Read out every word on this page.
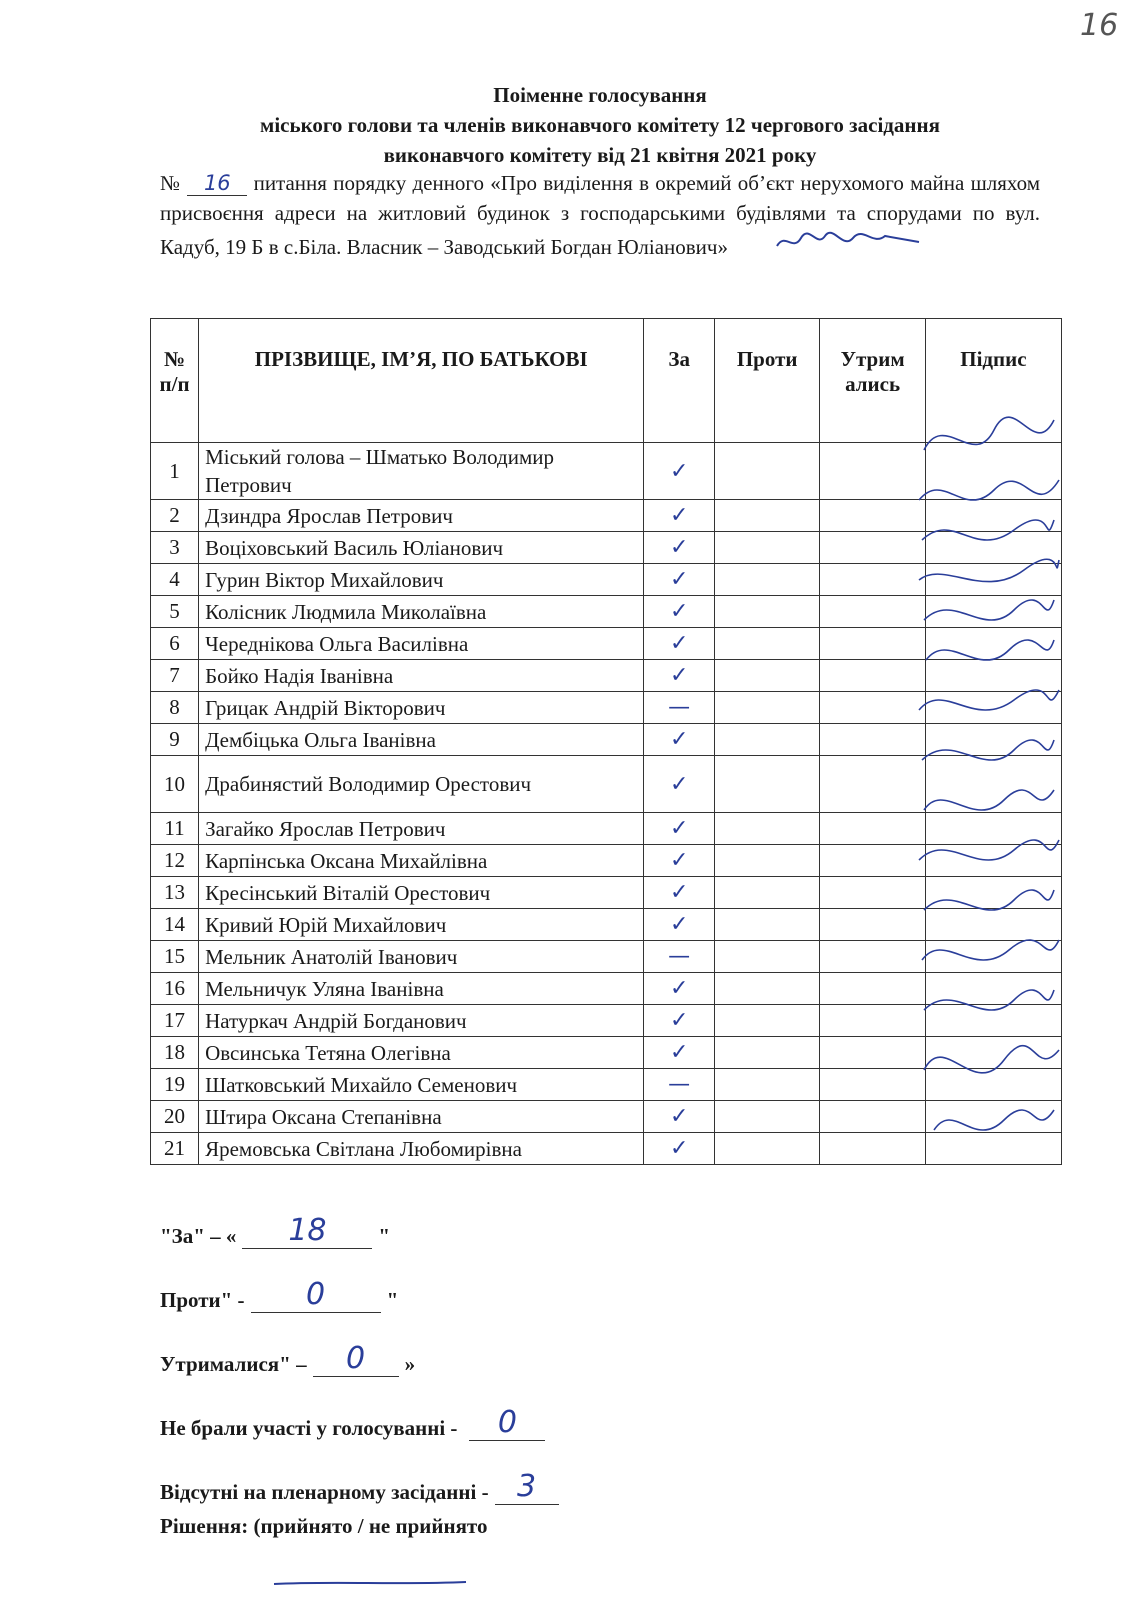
16
Поіменне голосування
міського голови та членів виконавчого комітету 12 чергового засідання
виконавчого комітету від 21 квітня 2021 року
№ 16 питання порядку денного «Про виділення в окремий об’єкт нерухомого майна шляхом присвоєння адреси на житловий будинок з господарськими будівлями та спорудами по вул. Кадуб, 19 Б в с.Біла. Власник – Заводський Богдан Юліанович»
№ п/п	ПРІЗВИЩЕ, ІМ’Я, ПО БАТЬКОВІ	За	Проти	Утрим ались	Підпис
1	Міський голова – Шматько Володимир Петрович	✓			
2	Дзиндра Ярослав Петрович	✓			
3	Воціховський Василь Юліанович	✓			
4	Гурин Віктор Михайлович	✓			
5	Колісник Людмила Миколаївна	✓			
6	Череднікова Ольга Василівна	✓			
7	Бойко Надія Іванівна	✓			
8	Грицак Андрій Вікторович	—			
9	Дембіцька Ольга Іванівна	✓			
10	Драбинястий Володимир Орестович	✓			
11	Загайко Ярослав Петрович	✓			
12	Карпінська Оксана Михайлівна	✓			
13	Кресінський Віталій Орестович	✓			
14	Кривий Юрій Михайлович	✓			
15	Мельник Анатолій Іванович	—			
16	Мельничук Уляна Іванівна	✓			
17	Натуркач Андрій Богданович	✓			
18	Овсинська Тетяна Олегівна	✓			
19	Шатковський Михайло Семенович	—			
20	Штира Оксана Степанівна	✓			
21	Яремовська Світлана Любомирівна	✓			
"За" – «	18	"
Проти" -	0	"
Утрималися" –	0	»
Не брали участі у голосуванні -	0
Відсутні на пленарному засіданні - 3
Рішення: (прийнято / не прийнято
